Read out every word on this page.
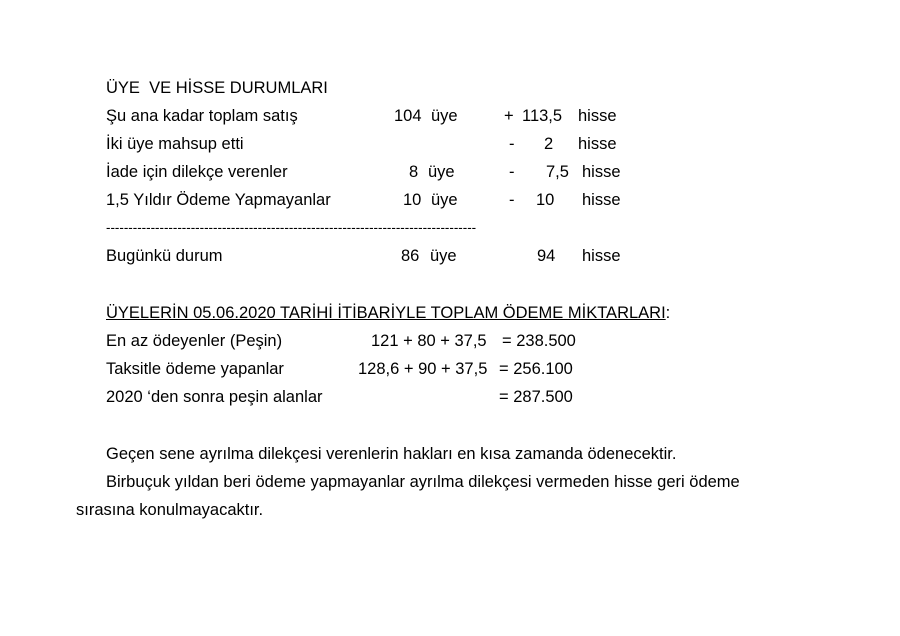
ÜYE  VE HİSSE DURUMLARI
Şu ana kadar toplam satış	104 üye	+ 113,5 hisse
İki üye mahsup etti	- 2 hisse
İade için dilekçe verenler	8 üye	- 7,5 hisse
1,5 Yıldır Ödeme Yapmayanlar	10 üye	- 10 hisse
-----------------------------------------------------------------------------------
Bugünkü durum	86 üye	94 hisse
ÜYELERİN 05.06.2020 TARİHİ İTİBARİYLE TOPLAM ÖDEME MİKTARLARI:
En az ödeyenler (Peşin)	121 + 80 + 37,5 = 238.500
Taksitle ödeme yapanlar	128,6 + 90 + 37,5 = 256.100
2020 ‘den sonra peşin alanlar	= 287.500
Geçen sene ayrılma dilekçesi verenlerin hakları en kısa zamanda ödenecektir.
Birbuçuk yıldan beri ödeme yapmayanlar ayrılma dilekçesi vermeden hisse geri ödeme
sırasına konulmayacaktır.
